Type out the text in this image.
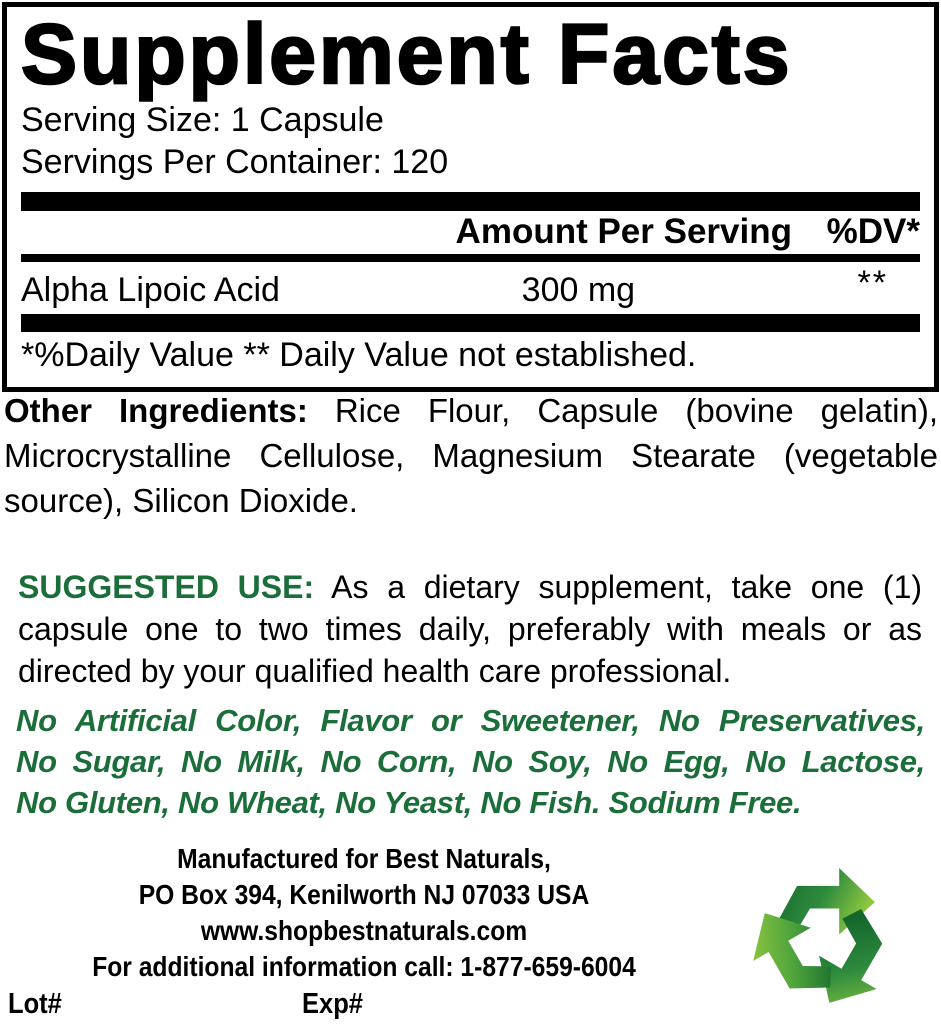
Supplement Facts
Serving Size: 1 Capsule
Servings Per Container: 120
Amount Per Serving %DV*
Alpha Lipoic Acid	300 mg	**
*%Daily Value ** Daily Value not established.
Other Ingredients: Rice Flour, Capsule (bovine gelatin), Microcrystalline Cellulose, Magnesium Stearate (vegetable source), Silicon Dioxide.
SUGGESTED USE: As a dietary supplement, take one (1) capsule one to two times daily, preferably with meals or as directed by your qualified health care professional.
No Artificial Color, Flavor or Sweetener, No Preservatives,
No Sugar, No Milk, No Corn, No Soy, No Egg, No Lactose,
No Gluten, No Wheat, No Yeast, No Fish. Sodium Free.
Manufactured for Best Naturals,
PO Box 394, Kenilworth NJ 07033 USA
www.shopbestnaturals.com
For additional information call: 1-877-659-6004
Lot#	Exp#
